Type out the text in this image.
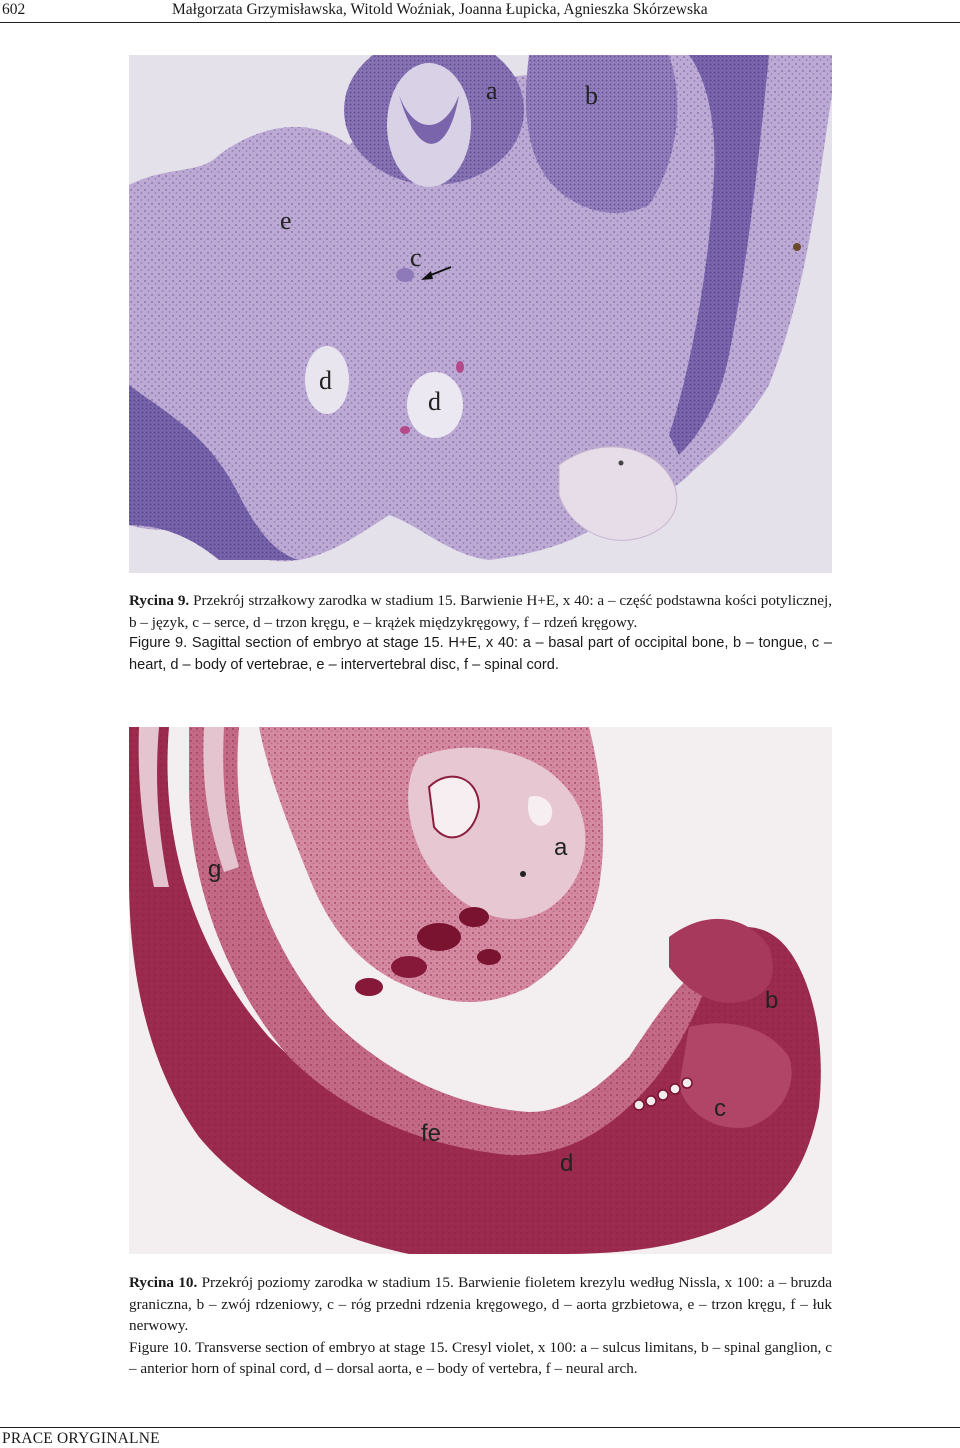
602	Małgorzata Grzymisławska, Witold Woźniak, Joanna Łupicka, Agnieszka Skórzewska
a	b
c
d
d
e

Rycina 9. Przekrój strzałkowy zarodka w stadium 15. Barwienie H+E, x 40: a – część podstawna kości potylicznej, b – język, c – serce, d – trzon kręgu, e – krążek międzykręgowy, f – rdzeń kręgowy.

Figure 9. Sagittal section of embryo at stage 15. H+E, x 40: a – basal part of occipital bone, b – tongue, c – heart, d – body of vertebrae, e – intervertebral disc, f – spinal cord.

a
b
c
d
fe
g

Rycina 10. Przekrój poziomy zarodka w stadium 15. Barwienie fioletem krezylu według Nissla, x 100: a – bruzda graniczna, b – zwój rdzeniowy, c – róg przedni rdzenia kręgowego, d – aorta grzbietowa, e – trzon kręgu, f – łuk nerwowy.

Figure 10. Transverse section of embryo at stage 15. Cresyl violet, x 100: a – sulcus limitans, b – spinal ganglion, c – anterior horn of spinal cord, d – dorsal aorta, e – body of vertebra, f – neural arch.

PRACE ORYGINALNE
